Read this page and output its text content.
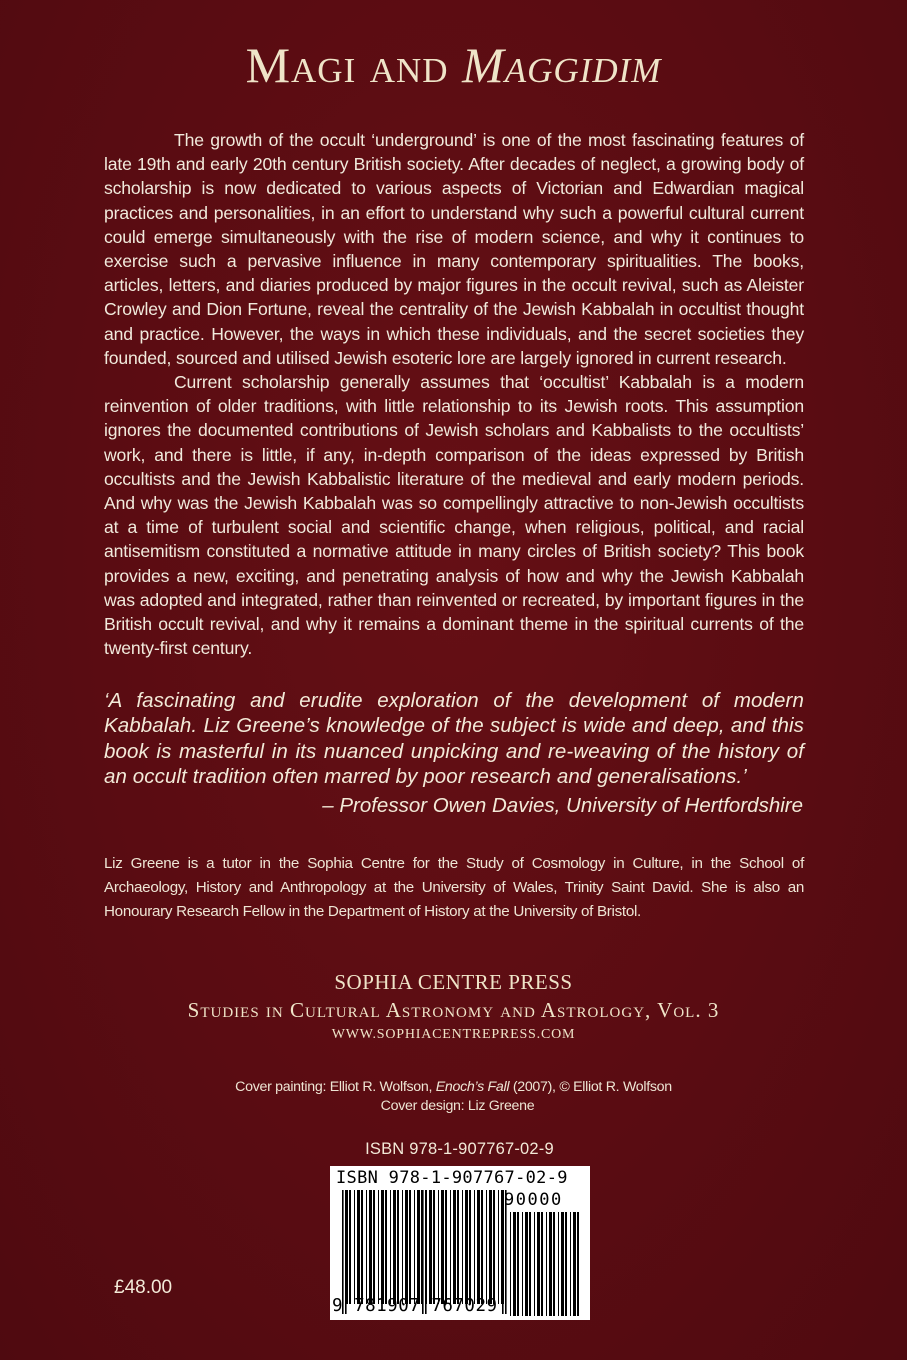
Magi and Maggidim

The growth of the occult ‘underground’ is one of the most fascinating features of late 19th and early 20th century British society. After decades of neglect, a growing body of scholarship is now dedicated to various aspects of Victorian and Edwardian magical practices and personalities, in an effort to understand why such a powerful cultural current could emerge simultaneously with the rise of modern science, and why it continues to exercise such a pervasive influence in many contemporary spiritualities. The books, articles, letters, and diaries produced by major figures in the occult revival, such as Aleister Crowley and Dion Fortune, reveal the centrality of the Jewish Kabbalah in occultist thought and practice. However, the ways in which these individuals, and the secret societies they founded, sourced and utilised Jewish esoteric lore are largely ignored in current research.

Current scholarship generally assumes that ‘occultist’ Kabbalah is a modern reinvention of older traditions, with little relationship to its Jewish roots. This assumption ignores the documented contributions of Jewish scholars and Kabbalists to the occultists’ work, and there is little, if any, in-depth comparison of the ideas expressed by British occultists and the Jewish Kabbalistic literature of the medieval and early modern periods. And why was the Jewish Kabbalah was so compellingly attractive to non-Jewish occultists at a time of turbulent social and scientific change, when religious, political, and racial antisemitism constituted a normative attitude in many circles of British society? This book provides a new, exciting, and penetrating analysis of how and why the Jewish Kabbalah was adopted and integrated, rather than reinvented or recreated, by important figures in the British occult revival, and why it remains a dominant theme in the spiritual currents of the twenty-first century.

‘A fascinating and erudite exploration of the development of modern Kabbalah. Liz Greene’s knowledge of the subject is wide and deep, and this book is masterful in its nuanced unpicking and re-weaving of the history of an occult tradition often marred by poor research and generalisations.’

– Professor Owen Davies, University of Hertfordshire

Liz Greene is a tutor in the Sophia Centre for the Study of Cosmology in Culture, in the School of Archaeology, History and Anthropology at the University of Wales, Trinity Saint David. She is also an Honourary Research Fellow in the Department of History at the University of Bristol.

SOPHIA CENTRE PRESS
Studies in Cultural Astronomy and Astrology, Vol. 3
WWW.SOPHIACENTREPRESS.COM
Cover painting: Elliot R. Wolfson, Enoch’s Fall (2007), © Elliot R. Wolfson
Cover design: Liz Greene
ISBN 978-1-907767-02-9
£48.00
ISBN 978-1-907767-02-9
90000
9 781907 767029
